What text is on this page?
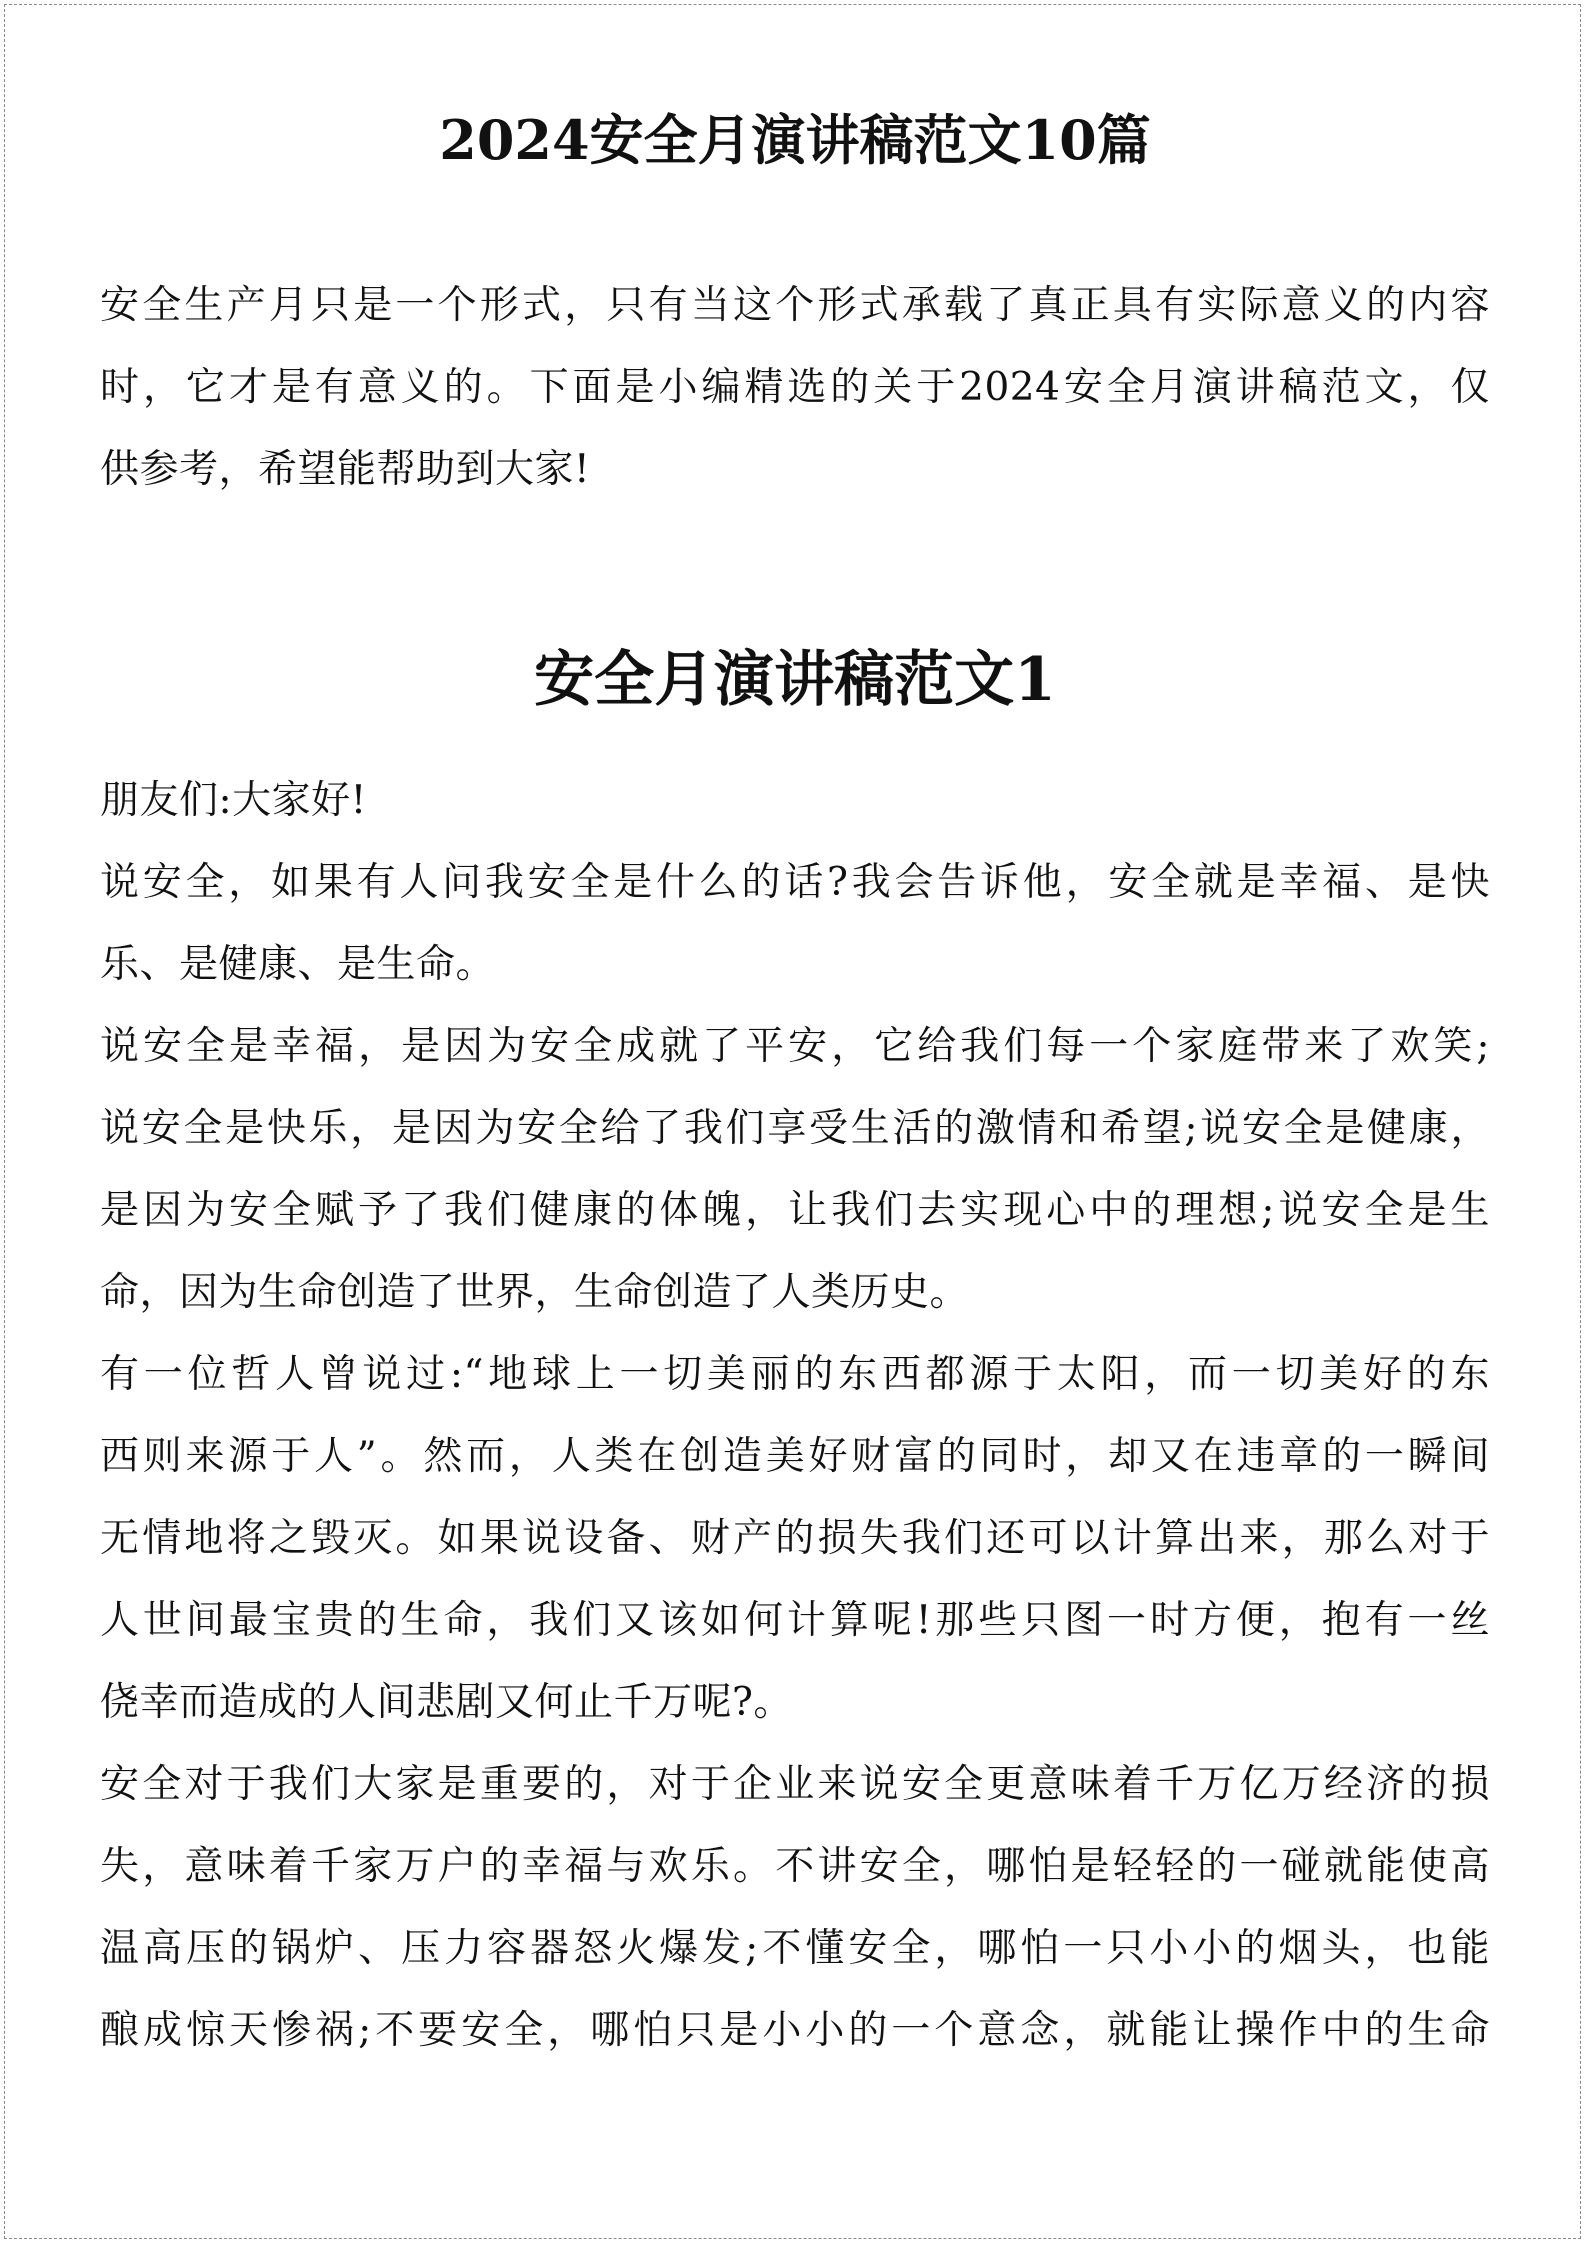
2024安全月演讲稿范文10篇
安全生产月只是一个形式，只有当这个形式承载了真正具有实际意义的内容
时，它才是有意义的。下面是小编精选的关于2024安全月演讲稿范文，仅
供参考，希望能帮助到大家!
安全月演讲稿范文1
朋友们:大家好!
说安全，如果有人问我安全是什么的话?我会告诉他，安全就是幸福、是快
乐、是健康、是生命。
说安全是幸福，是因为安全成就了平安，它给我们每一个家庭带来了欢笑;
说安全是快乐，是因为安全给了我们享受生活的激情和希望;说安全是健康，
是因为安全赋予了我们健康的体魄，让我们去实现心中的理想;说安全是生
命，因为生命创造了世界，生命创造了人类历史。
有一位哲人曾说过:“地球上一切美丽的东西都源于太阳，而一切美好的东
西则来源于人”。然而，人类在创造美好财富的同时，却又在违章的一瞬间
无情地将之毁灭。如果说设备、财产的损失我们还可以计算出来，那么对于
人世间最宝贵的生命，我们又该如何计算呢!那些只图一时方便，抱有一丝
侥幸而造成的人间悲剧又何止千万呢?。
安全对于我们大家是重要的，对于企业来说安全更意味着千万亿万经济的损
失，意味着千家万户的幸福与欢乐。不讲安全，哪怕是轻轻的一碰就能使高
温高压的锅炉、压力容器怒火爆发;不懂安全，哪怕一只小小的烟头，也能
酿成惊天惨祸;不要安全，哪怕只是小小的一个意念，就能让操作中的生命
